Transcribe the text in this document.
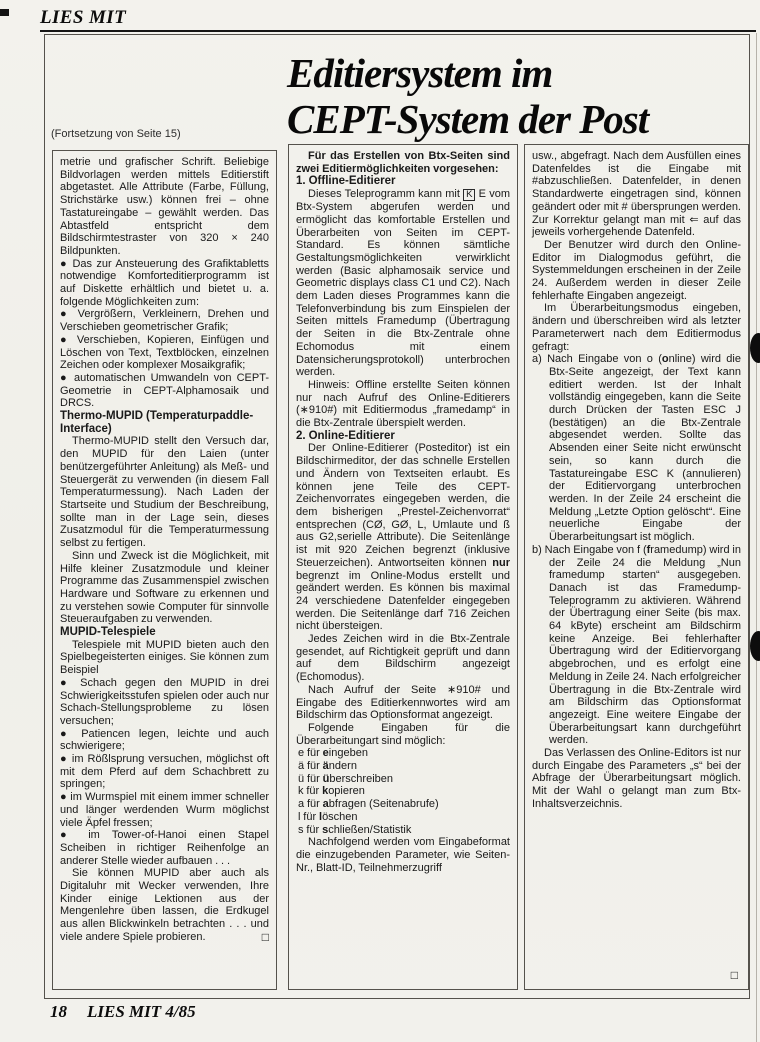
LIES MIT
Editiersystem im
CEPT-System der Post
(Fortsetzung von Seite 15)

metrie und grafischer Schrift. Beliebige Bildvorlagen werden mittels Editierstift abgetastet. Alle Attribute (Farbe, Füllung, Strichstärke usw.) können frei – ohne Tastatureingabe – gewählt werden. Das Abtastfeld entspricht dem Bildschirmtestraster von 320 × 240 Bildpunkten.

● Das zur Ansteuerung des Grafiktabletts notwendige Komforteditierprogramm ist auf Diskette erhältlich und bietet u. a. folgende Möglichkeiten zum:

● Vergrößern, Verkleinern, Drehen und Verschieben geometrischer Grafik;

● Verschieben, Kopieren, Einfügen und Löschen von Text, Textblöcken, einzelnen Zeichen oder komplexer Mosaikgrafik;

● automatischen Umwandeln von CEPT-Geometrie in CEPT-Alphamosaik und DRCS.

Thermo-MUPID (Temperaturpaddle-Interface)

Thermo-MUPID stellt den Versuch dar, den MUPID für den Laien (unter benützergeführter Anleitung) als Meß- und Steuergerät zu verwenden (in diesem Fall Temperaturmessung). Nach Laden der Startseite und Studium der Beschreibung, sollte man in der Lage sein, dieses Zusatzmodul für die Temperaturmessung selbst zu fertigen.

Sinn und Zweck ist die Möglichkeit, mit Hilfe kleiner Zusatzmodule und kleiner Programme das Zusammenspiel zwischen Hardware und Software zu erkennen und zu verstehen sowie Computer für sinnvolle Steueraufgaben zu verwenden.

MUPID-Telespiele

Telespiele mit MUPID bieten auch den Spielbegeisterten einiges. Sie können zum Beispiel

● Schach gegen den MUPID in drei Schwierigkeitsstufen spielen oder auch nur Schach-Stellungsprobleme zu lösen versuchen;

● Patiencen legen, leichte und auch schwierigere;

● im Rößlsprung versuchen, möglichst oft mit dem Pferd auf dem Schachbrett zu springen;

● im Wurmspiel mit einem immer schneller und länger werdenden Wurm möglichst viele Äpfel fressen;

● im Tower-of-Hanoi einen Stapel Scheiben in richtiger Reihenfolge an anderer Stelle wieder aufbauen . . .

Sie können MUPID aber auch als Digitaluhr mit Wecker verwenden, Ihre Kinder einige Lektionen aus der Mengenlehre üben lassen, die Erdkugel aus allen Blickwinkeln betrachten . . . und viele andere Spiele probieren.	□

Für das Erstellen von Btx-Seiten sind zwei Editiermöglichkeiten vorgesehen:

1. Offline-Editierer

Dieses Teleprogramm kann mit K E vom Btx-System abgerufen werden und ermöglicht das komfortable Erstellen und Überarbeiten von Seiten im CEPT-Standard. Es können sämtliche Gestaltungsmöglichkeiten verwirklicht werden (Basic alphamosaik service und Geometric displays class C1 und C2). Nach dem Laden dieses Programmes kann die Telefonverbindung bis zum Einspielen der Seiten mittels Framedump (Übertragung der Seiten in die Btx-Zentrale ohne Echomodus mit einem Datensicherungsprotokoll) unterbrochen werden.

Hinweis: Offline erstellte Seiten können nur nach Aufruf des Online-Editierers (∗910#) mit Editiermodus „framedamp“ in die Btx-Zentrale überspielt werden.

2. Online-Editierer

Der Online-Editierer (Posteditor) ist ein Bildschirmeditor, der das schnelle Erstellen und Ändern von Textseiten erlaubt. Es können jene Teile des CEPT-Zeichenvorrates eingegeben werden, die dem bisherigen „Prestel-Zeichenvorrat“ entsprechen (CØ, GØ, L, Umlaute und ß aus G2,serielle Attribute). Die Seitenlänge ist mit 920 Zeichen begrenzt (inklusive Steuerzeichen). Antwortseiten können nur begrenzt im Online-Modus erstellt und geändert werden. Es können bis maximal 24 verschiedene Datenfelder eingegeben werden. Die Seitenlänge darf 716 Zeichen nicht übersteigen.

Jedes Zeichen wird in die Btx-Zentrale gesendet, auf Richtigkeit geprüft und dann auf dem Bildschirm angezeigt (Echomodus).

Nach Aufruf der Seite ∗910# und Eingabe des Editierkennwortes wird am Bildschirm das Optionsformat angezeigt.

Folgende Eingaben für die Überarbeitungart sind möglich:

e für eingeben

ä für ändern

ü für überschreiben

k für kopieren

a für abfragen (Seitenabrufe)

l für löschen

s für schließen/Statistik

Nachfolgend werden vom Eingabeformat die einzugebenden Parameter, wie Seiten-Nr., Blatt-ID, Teilnehmerzugriff

□

usw., abgefragt. Nach dem Ausfüllen eines Datenfeldes ist die Eingabe mit #abzuschließen. Datenfelder, in denen Standardwerte eingetragen sind, können geändert oder mit # übersprungen werden. Zur Korrektur gelangt man mit ⇐ auf das jeweils vorhergehende Datenfeld.

Der Benutzer wird durch den Online-Editor im Dialogmodus geführt, die Systemmeldungen erscheinen in der Zeile 24. Außerdem werden in dieser Zeile fehlerhafte Eingaben angezeigt.

Im Überarbeitungsmodus eingeben, ändern und überschreiben wird als letzter Parameterwert nach dem Editiermodus gefragt:

a) Nach Eingabe von o (online) wird die Btx-Seite angezeigt, der Text kann editiert werden. Ist der Inhalt vollständig eingegeben, kann die Seite durch Drücken der Tasten ESC J (bestätigen) an die Btx-Zentrale abgesendet werden. Sollte das Absenden einer Seite nicht erwünscht sein, so kann durch die Tastatureingabe ESC K (annulieren) der Editiervorgang unterbrochen werden. In der Zeile 24 erscheint die Meldung „Letzte Option gelöscht“. Eine neuerliche Eingabe der Überarbeitungsart ist möglich.

b) Nach Eingabe von f (framedump) wird in der Zeile 24 die Meldung „Nun framedump starten“ ausgegeben. Danach ist das Framedump-Teleprogramm zu aktivieren. Während der Übertragung einer Seite (bis max. 64 kByte) erscheint am Bildschirm keine Anzeige. Bei fehlerhafter Übertragung wird der Editiervorgang abgebrochen, und es erfolgt eine Meldung in Zeile 24. Nach erfolgreicher Übertragung in die Btx-Zentrale wird am Bildschirm das Optionsformat angezeigt. Eine weitere Eingabe der Überarbeitungsart kann durchgeführt werden.

Das Verlassen des Online-Editors ist nur durch Eingabe des Parameters „s“ bei der Abfrage der Überarbeitungsart möglich. Mit der Wahl o gelangt man zum Btx-Inhaltsverzeichnis.

18 LIES MIT 4/85
